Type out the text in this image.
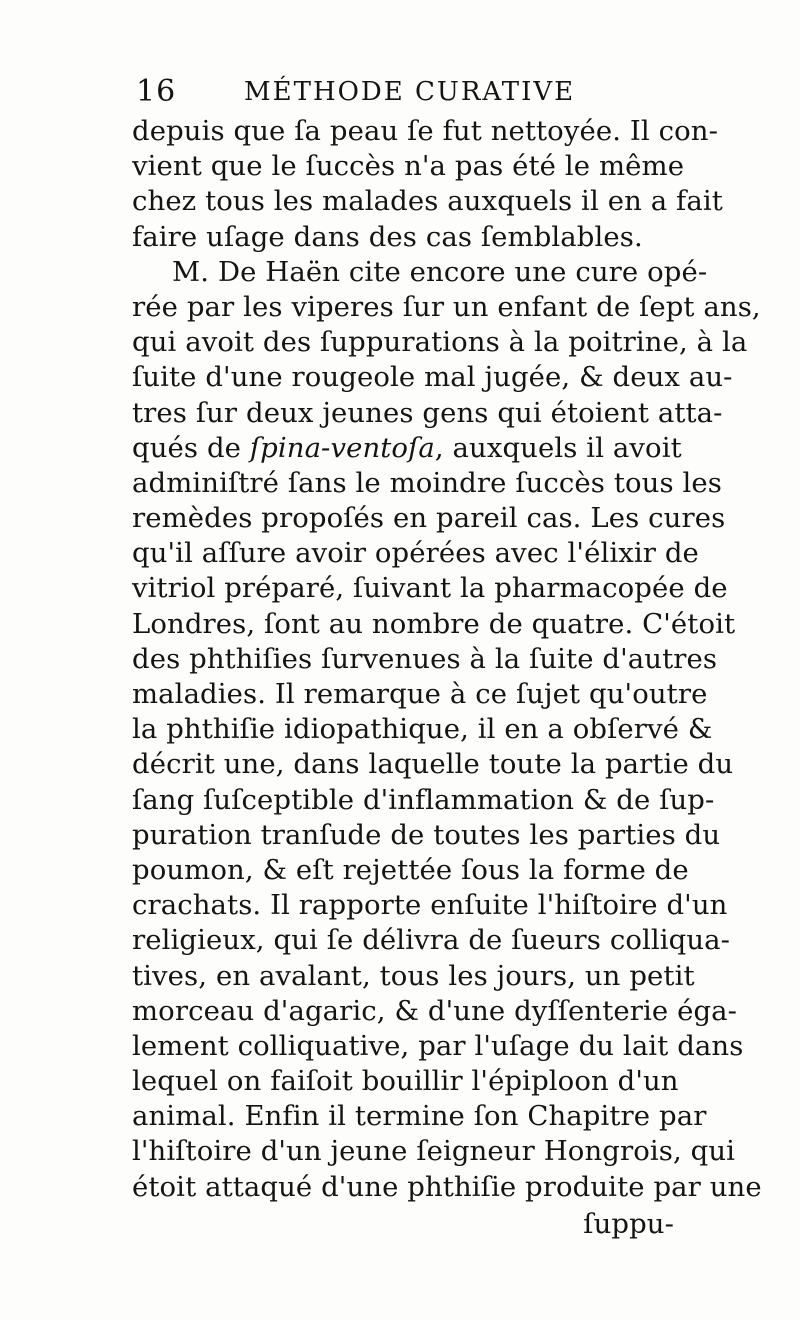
16	MÉTHODE CURATIVE
depuis que ſa peau ſe fut nettoyée. Il con-
vient que le ſuccès n'a pas été le même
chez tous les malades auxquels il en a fait
faire uſage dans des cas ſemblables.
M. De Haën cite encore une cure opé-
rée par les viperes ſur un enfant de ſept ans,
qui avoit des ſuppurations à la poitrine, à la
ſuite d'une rougeole mal jugée, & deux au-
tres ſur deux jeunes gens qui étoient atta-
qués de ſpina-ventoſa, auxquels il avoit
adminiſtré ſans le moindre ſuccès tous les
remèdes propoſés en pareil cas. Les cures
qu'il aſſure avoir opérées avec l'élixir de
vitriol préparé, ſuivant la pharmacopée de
Londres, ſont au nombre de quatre. C'étoit
des phthiſies ſurvenues à la ſuite d'autres
maladies. Il remarque à ce ſujet qu'outre
la phthiſie idiopathique, il en a obſervé &
décrit une, dans laquelle toute la partie du
ſang ſuſceptible d'inflammation & de ſup-
puration tranſude de toutes les parties du
poumon, & eſt rejettée ſous la forme de
crachats. Il rapporte enſuite l'hiſtoire d'un
religieux, qui ſe délivra de ſueurs colliqua-
tives, en avalant, tous les jours, un petit
morceau d'agaric, & d'une dyſſenterie éga-
lement colliquative, par l'uſage du lait dans
lequel on faiſoit bouillir l'épiploon d'un
animal. Enfin il termine ſon Chapitre par
l'hiſtoire d'un jeune ſeigneur Hongrois, qui
étoit attaqué d'une phthiſie produite par une
ſuppu-
